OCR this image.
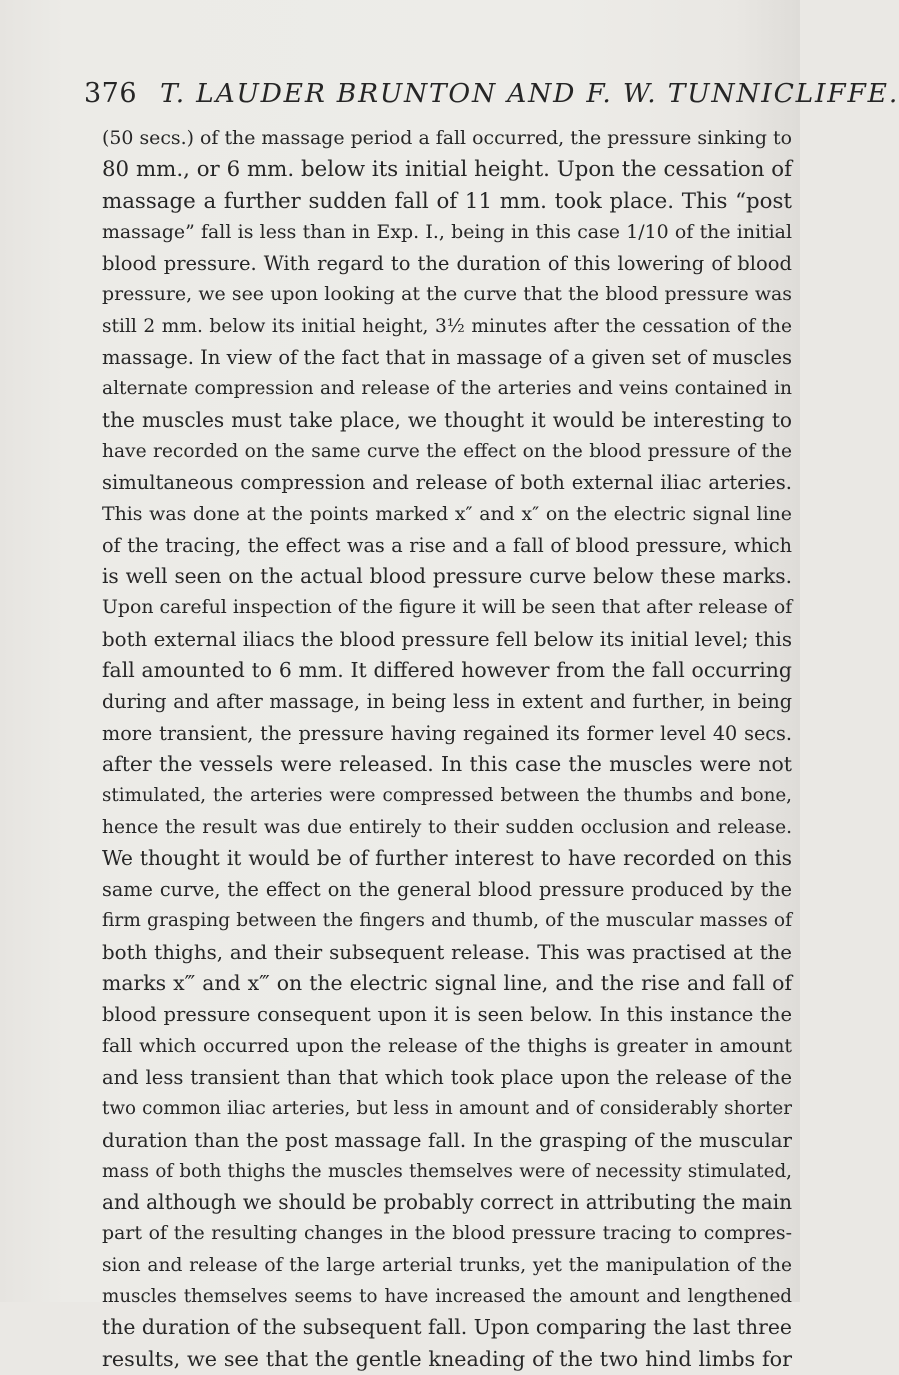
376 T. LAUDER BRUNTON AND F. W. TUNNICLIFFE.
(50 secs.) of the massage period a fall occurred, the pressure sinking to
80 mm., or 6 mm. below its initial height. Upon the cessation of
massage a further sudden fall of 11 mm. took place. This “post
massage” fall is less than in Exp. I., being in this case 1/10 of the initial
blood pressure. With regard to the duration of this lowering of blood
pressure, we see upon looking at the curve that the blood pressure was
still 2 mm. below its initial height, 3½ minutes after the cessation of the
massage. In view of the fact that in massage of a given set of muscles
alternate compression and release of the arteries and veins contained in
the muscles must take place, we thought it would be interesting to
have recorded on the same curve the effect on the blood pressure of the
simultaneous compression and release of both external iliac arteries.
This was done at the points marked x″ and x″ on the electric signal line
of the tracing, the effect was a rise and a fall of blood pressure, which
is well seen on the actual blood pressure curve below these marks.
Upon careful inspection of the figure it will be seen that after release of
both external iliacs the blood pressure fell below its initial level; this
fall amounted to 6 mm. It differed however from the fall occurring
during and after massage, in being less in extent and further, in being
more transient, the pressure having regained its former level 40 secs.
after the vessels were released. In this case the muscles were not
stimulated, the arteries were compressed between the thumbs and bone,
hence the result was due entirely to their sudden occlusion and release.
We thought it would be of further interest to have recorded on this
same curve, the effect on the general blood pressure produced by the
firm grasping between the fingers and thumb, of the muscular masses of
both thighs, and their subsequent release. This was practised at the
marks x‴ and x‴ on the electric signal line, and the rise and fall of
blood pressure consequent upon it is seen below. In this instance the
fall which occurred upon the release of the thighs is greater in amount
and less transient than that which took place upon the release of the
two common iliac arteries, but less in amount and of considerably shorter
duration than the post massage fall. In the grasping of the muscular
mass of both thighs the muscles themselves were of necessity stimulated,
and although we should be probably correct in attributing the main
part of the resulting changes in the blood pressure tracing to compres-
sion and release of the large arterial trunks, yet the manipulation of the
muscles themselves seems to have increased the amount and lengthened
the duration of the subsequent fall. Upon comparing the last three
results, we see that the gentle kneading of the two hind limbs for
